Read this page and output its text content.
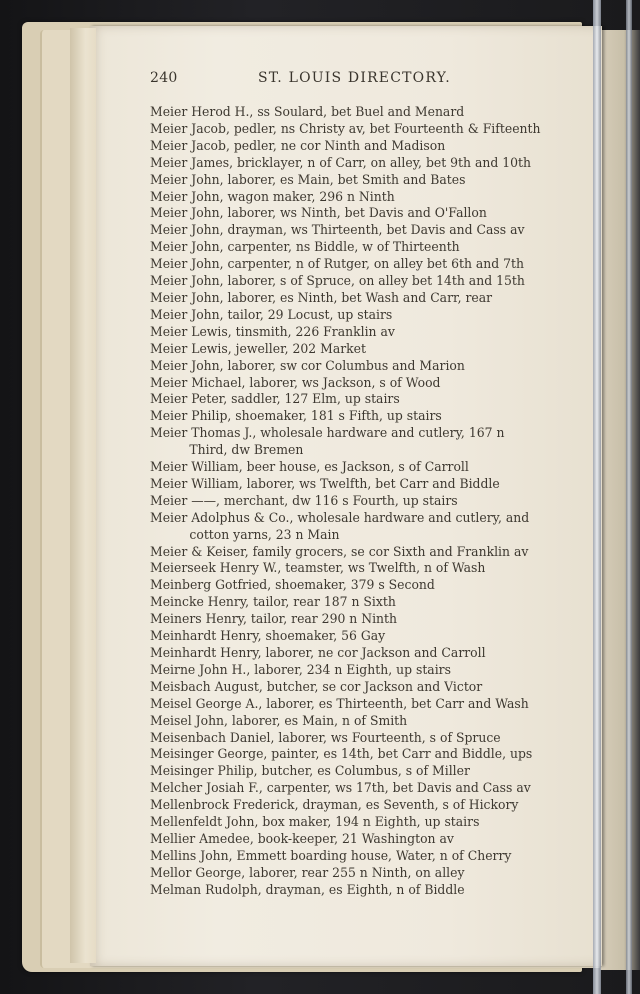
240	ST. LOUIS DIRECTORY.
Meier Herod H., ss Soulard, bet Buel and Menard
Meier Jacob, pedler, ns Christy av, bet Fourteenth & Fifteenth
Meier Jacob, pedler, ne cor Ninth and Madison
Meier James, bricklayer, n of Carr, on alley, bet 9th and 10th
Meier John, laborer, es Main, bet Smith and Bates
Meier John, wagon maker, 296 n Ninth
Meier John, laborer, ws Ninth, bet Davis and O'Fallon
Meier John, drayman, ws Thirteenth, bet Davis and Cass av
Meier John, carpenter, ns Biddle, w of Thirteenth
Meier John, carpenter, n of Rutger, on alley bet 6th and 7th
Meier John, laborer, s of Spruce, on alley bet 14th and 15th
Meier John, laborer, es Ninth, bet Wash and Carr, rear
Meier John, tailor, 29 Locust, up stairs
Meier Lewis, tinsmith, 226 Franklin av
Meier Lewis, jeweller, 202 Market
Meier John, laborer, sw cor Columbus and Marion
Meier Michael, laborer, ws Jackson, s of Wood
Meier Peter, saddler, 127 Elm, up stairs
Meier Philip, shoemaker, 181 s Fifth, up stairs
Meier Thomas J., wholesale hardware and cutlery, 167 n
Third, dw Bremen
Meier William, beer house, es Jackson, s of Carroll
Meier William, laborer, ws Twelfth, bet Carr and Biddle
Meier ——, merchant, dw 116 s Fourth, up stairs
Meier Adolphus & Co., wholesale hardware and cutlery, and
cotton yarns, 23 n Main
Meier & Keiser, family grocers, se cor Sixth and Franklin av
Meierseek Henry W., teamster, ws Twelfth, n of Wash
Meinberg Gotfried, shoemaker, 379 s Second
Meincke Henry, tailor, rear 187 n Sixth
Meiners Henry, tailor, rear 290 n Ninth
Meinhardt Henry, shoemaker, 56 Gay
Meinhardt Henry, laborer, ne cor Jackson and Carroll
Meirne John H., laborer, 234 n Eighth, up stairs
Meisbach August, butcher, se cor Jackson and Victor
Meisel George A., laborer, es Thirteenth, bet Carr and Wash
Meisel John, laborer, es Main, n of Smith
Meisenbach Daniel, laborer, ws Fourteenth, s of Spruce
Meisinger George, painter, es 14th, bet Carr and Biddle, ups
Meisinger Philip, butcher, es Columbus, s of Miller
Melcher Josiah F., carpenter, ws 17th, bet Davis and Cass av
Mellenbrock Frederick, drayman, es Seventh, s of Hickory
Mellenfeldt John, box maker, 194 n Eighth, up stairs
Mellier Amedee, book-keeper, 21 Washington av
Mellins John, Emmett boarding house, Water, n of Cherry
Mellor George, laborer, rear 255 n Ninth, on alley
Melman Rudolph, drayman, es Eighth, n of Biddle
